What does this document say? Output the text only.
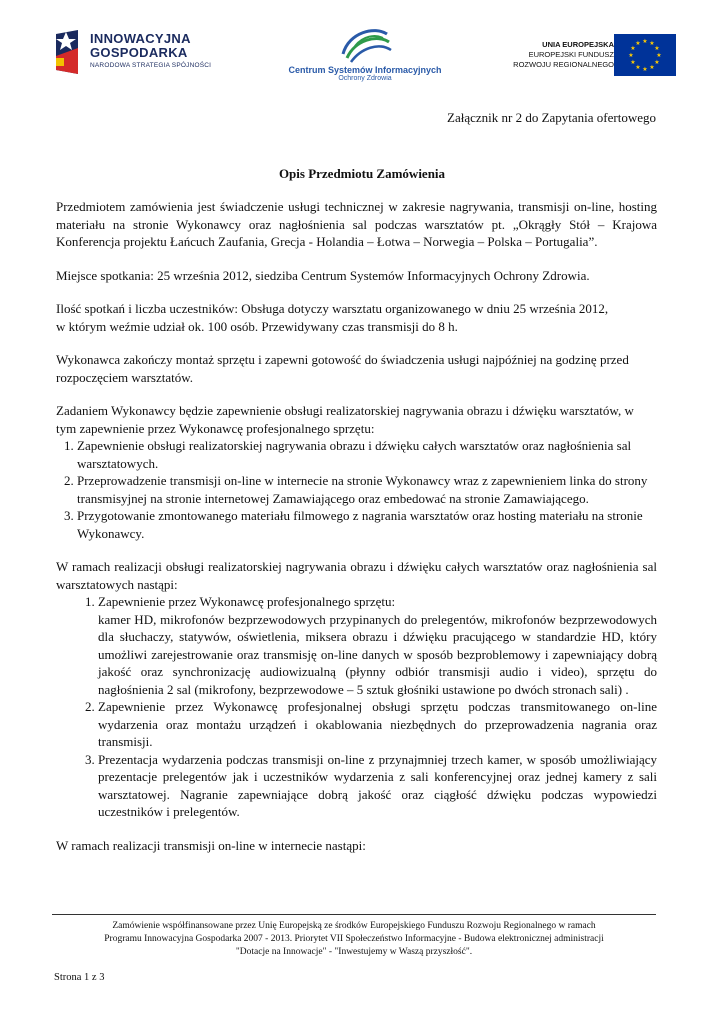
INNOWACYJNA
GOSPODARKA
NARODOWA STRATEGIA SPÓJNOŚCI	Centrum Systemów Informacyjnych
Ochrony Zdrowia
UNIA EUROPEJSKA
EUROPEJSKI FUNDUSZ
ROZWOJU REGIONALNEGO
★ ★
★
★
★
★
★
★
★
★
★
★
Załącznik nr 2 do Zapytania ofertowego
Opis Przedmiotu Zamówienia

Przedmiotem zamówienia jest świadczenie usługi technicznej w zakresie nagrywania, transmisji on-line, hosting materiału na stronie Wykonawcy oraz nagłośnienia sal podczas warsztatów pt. „Okrągły Stół – Krajowa Konferencja projektu Łańcuch Zaufania, Grecja - Holandia – Łotwa – Norwegia – Polska – Portugalia”.

Miejsce spotkania: 25 września 2012, siedziba Centrum Systemów Informacyjnych Ochrony Zdrowia.

Ilość spotkań i liczba uczestników: Obsługa dotyczy warsztatu organizowanego w dniu 25 września 2012,
w którym weźmie udział ok. 100 osób. Przewidywany czas transmisji do 8 h.

Wykonawca zakończy montaż sprzętu i zapewni gotowość do świadczenia usługi najpóźniej na godzinę przed rozpoczęciem warsztatów.

Zadaniem Wykonawcy będzie zapewnienie obsługi realizatorskiej nagrywania obrazu i dźwięku warsztatów, w tym zapewnienie przez Wykonawcę profesjonalnego sprzętu:
1. Zapewnienie obsługi realizatorskiej nagrywania obrazu i dźwięku całych warsztatów oraz nagłośnienia sal warsztatowych.
2. Przeprowadzenie transmisji on-line w internecie na stronie Wykonawcy wraz z zapewnieniem linka do strony transmisyjnej na stronie internetowej Zamawiającego oraz embedować na stronie Zamawiającego.
3. Przygotowanie zmontowanego materiału filmowego z nagrania warsztatów oraz hosting materiału na stronie Wykonawcy.
W ramach realizacji obsługi realizatorskiej nagrywania obrazu i dźwięku całych warsztatów oraz nagłośnienia sal warsztatowych nastąpi:
1. Zapewnienie przez Wykonawcę profesjonalnego sprzętu:
kamer HD, mikrofonów bezprzewodowych przypinanych do prelegentów, mikrofonów bezprzewodowych dla słuchaczy, statywów, oświetlenia, miksera obrazu i dźwięku pracującego w standardzie HD, który umożliwi zarejestrowanie oraz transmisję on-line danych w sposób bezproblemowy i zapewniający dobrą jakość oraz synchronizację audiowizualną (płynny odbiór transmisji audio i video), sprzętu do nagłośnienia 2 sal (mikrofony, bezprzewodowe – 5 sztuk głośniki ustawione po dwóch stronach sali) .
2. Zapewnienie przez Wykonawcę profesjonalnej obsługi sprzętu podczas transmitowanego on-line wydarzenia oraz montażu urządzeń i okablowania niezbędnych do przeprowadzenia nagrania oraz transmisji.
3. Prezentacja wydarzenia podczas transmisji on-line z przynajmniej trzech kamer, w sposób umożliwiający prezentacje prelegentów jak i uczestników wydarzenia z sali konferencyjnej oraz jednej kamery z sali warsztatowej. Nagranie zapewniające dobrą jakość oraz ciągłość dźwięku podczas wypowiedzi uczestników i prelegentów.

W ramach realizacji transmisji on-line w internecie nastąpi:

Zamówienie współfinansowane przez Unię Europejską ze środków Europejskiego Funduszu Rozwoju Regionalnego w ramach
Programu Innowacyjna Gospodarka 2007 - 2013. Priorytet VII Społeczeństwo Informacyjne - Budowa elektronicznej administracji
"Dotacje na Innowacje" - "Inwestujemy w Waszą przyszłość".
Strona 1 z 3
